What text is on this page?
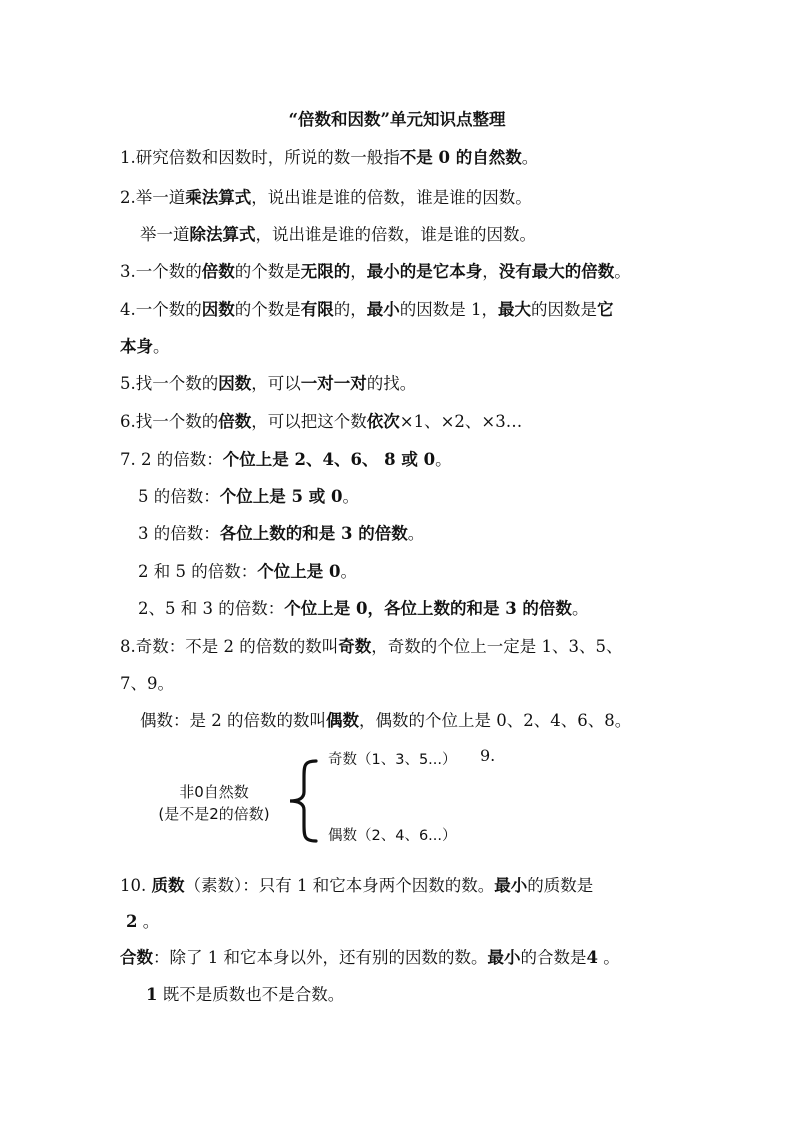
“倍数和因数”单元知识点整理
1.研究倍数和因数时，所说的数一般指不是 0 的自然数。
2.举一道乘法算式，说出谁是谁的倍数，谁是谁的因数。
举一道除法算式，说出谁是谁的倍数，谁是谁的因数。
3.一个数的倍数的个数是无限的，最小的是它本身，没有最大的倍数。
4.一个数的因数的个数是有限的，最小的因数是 1，最大的因数是它
本身。
5.找一个数的因数，可以一对一对的找。
6.找一个数的倍数，可以把这个数依次×1、×2、×3…
7. 2 的倍数：个位上是 2、4、6、 8 或 0。
5 的倍数：个位上是 5 或 0。
3 的倍数：各位上数的和是 3 的倍数。
2 和 5 的倍数：个位上是 0。
2、5 和 3 的倍数：个位上是 0，各位上数的和是 3 的倍数。
8.奇数：不是 2 的倍数的数叫奇数，奇数的个位上一定是 1、3、5、
7、9。
偶数：是 2 的倍数的数叫偶数，偶数的个位上是 0、2、4、6、8。
非0自然数
(是不是2的倍数)
奇数（1、3、5...） 9.
偶数（2、4、6...）
10. 质数（素数）：只有 1 和它本身两个因数的数。最小的质数是
2 。
合数：除了 1 和它本身以外，还有别的因数的数。最小的合数是4 。
1 既不是质数也不是合数。
